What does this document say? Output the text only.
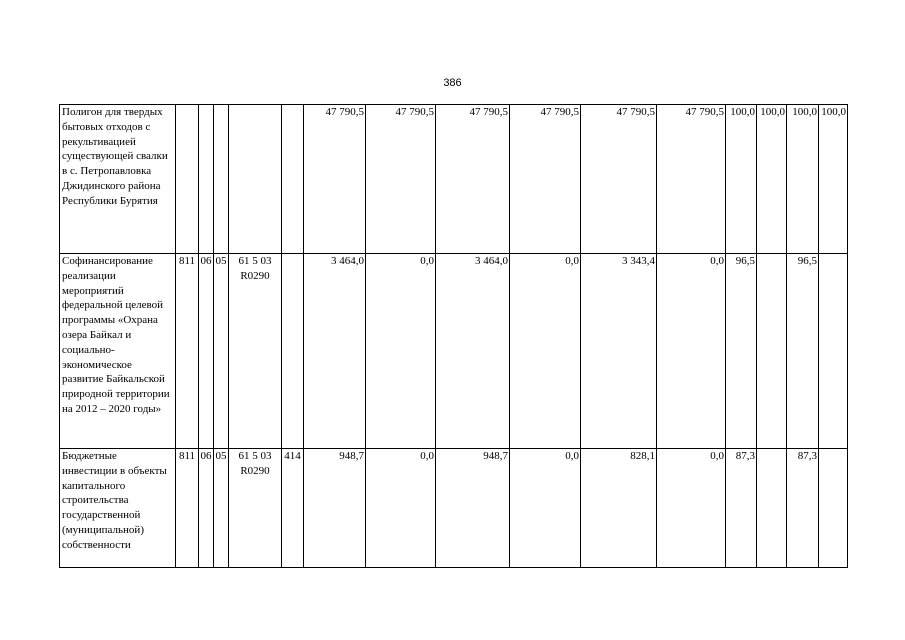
386
Полигон для твердых бытовых отходов с рекультивацией существующей свалки в с. Петропавловка Джидинского района Республики Бурятия						47 790,5	47 790,5	47 790,5	47 790,5	47 790,5	47 790,5	100,0	100,0	100,0	100,0
Софинансирование реализации мероприятий федеральной целевой программы «Охрана озера Байкал и социально-экономическое развитие Байкальской природной территории на 2012 – 2020 годы»	811	06	05	61 5 03 R0290		3 464,0	0,0	3 464,0	0,0	3 343,4	0,0	96,5		96,5	
Бюджетные инвестиции в объекты капитального строительства государственной (муниципальной) собственности	811	06	05	61 5 03 R0290	414	948,7	0,0	948,7	0,0	828,1	0,0	87,3		87,3	
